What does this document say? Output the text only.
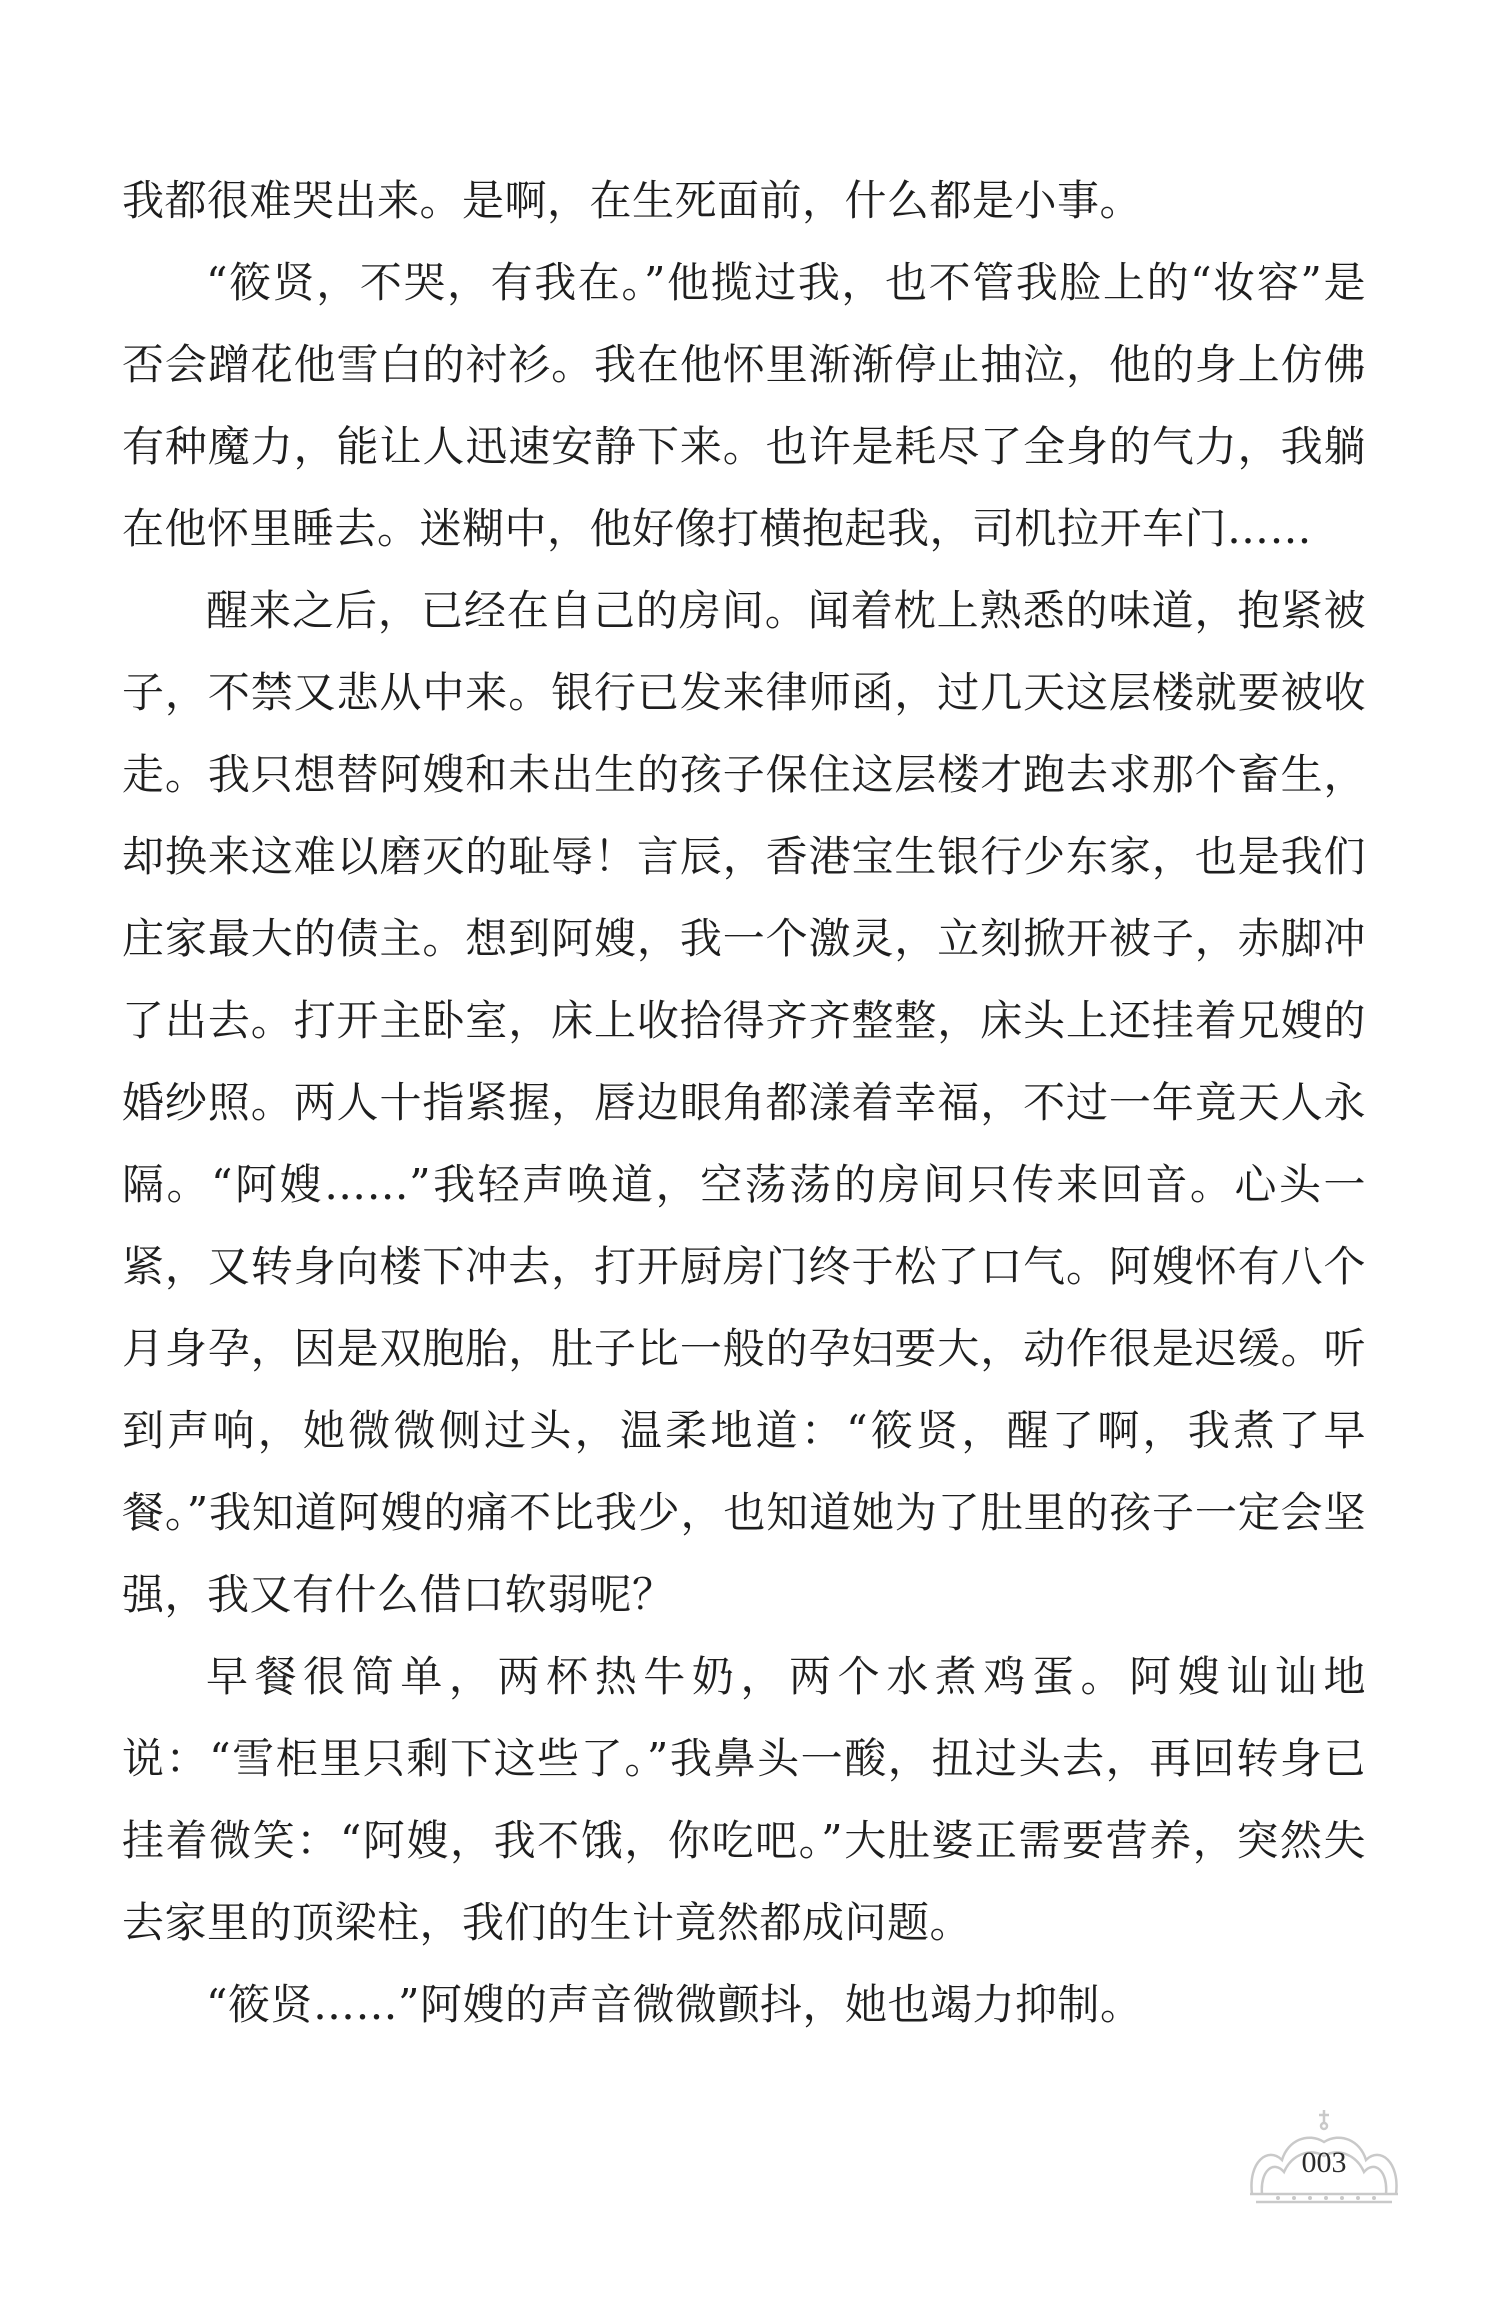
我都很难哭出来。是啊，在生死面前，什么都是小事。

“筱贤，不哭，有我在。”他揽过我，也不管我脸上的“妆容”是否会蹭花他雪白的衬衫。我在他怀里渐渐停止抽泣，他的身上仿佛有种魔力，能让人迅速安静下来。也许是耗尽了全身的气力，我躺在他怀里睡去。迷糊中，他好像打横抱起我，司机拉开车门……

醒来之后，已经在自己的房间。闻着枕上熟悉的味道，抱紧被子，不禁又悲从中来。银行已发来律师函，过几天这层楼就要被收走。我只想替阿嫂和未出生的孩子保住这层楼才跑去求那个畜生，却换来这难以磨灭的耻辱！言辰，香港宝生银行少东家，也是我们庄家最大的债主。想到阿嫂，我一个激灵，立刻掀开被子，赤脚冲了出去。打开主卧室，床上收拾得齐齐整整，床头上还挂着兄嫂的婚纱照。两人十指紧握，唇边眼角都漾着幸福，不过一年竟天人永隔。“阿嫂……”我轻声唤道，空荡荡的房间只传来回音。心头一紧，又转身向楼下冲去，打开厨房门终于松了口气。阿嫂怀有八个月身孕，因是双胞胎，肚子比一般的孕妇要大，动作很是迟缓。听到声响，她微微侧过头，温柔地道：“筱贤，醒了啊，我煮了早餐。”我知道阿嫂的痛不比我少，也知道她为了肚里的孩子一定会坚强，我又有什么借口软弱呢？

早餐很简单，两杯热牛奶，两个水煮鸡蛋。阿嫂讪讪地说：“雪柜里只剩下这些了。”我鼻头一酸，扭过头去，再回转身已挂着微笑：“阿嫂，我不饿，你吃吧。”大肚婆正需要营养，突然失去家里的顶梁柱，我们的生计竟然都成问题。

“筱贤……”阿嫂的声音微微颤抖，她也竭力抑制。

003
